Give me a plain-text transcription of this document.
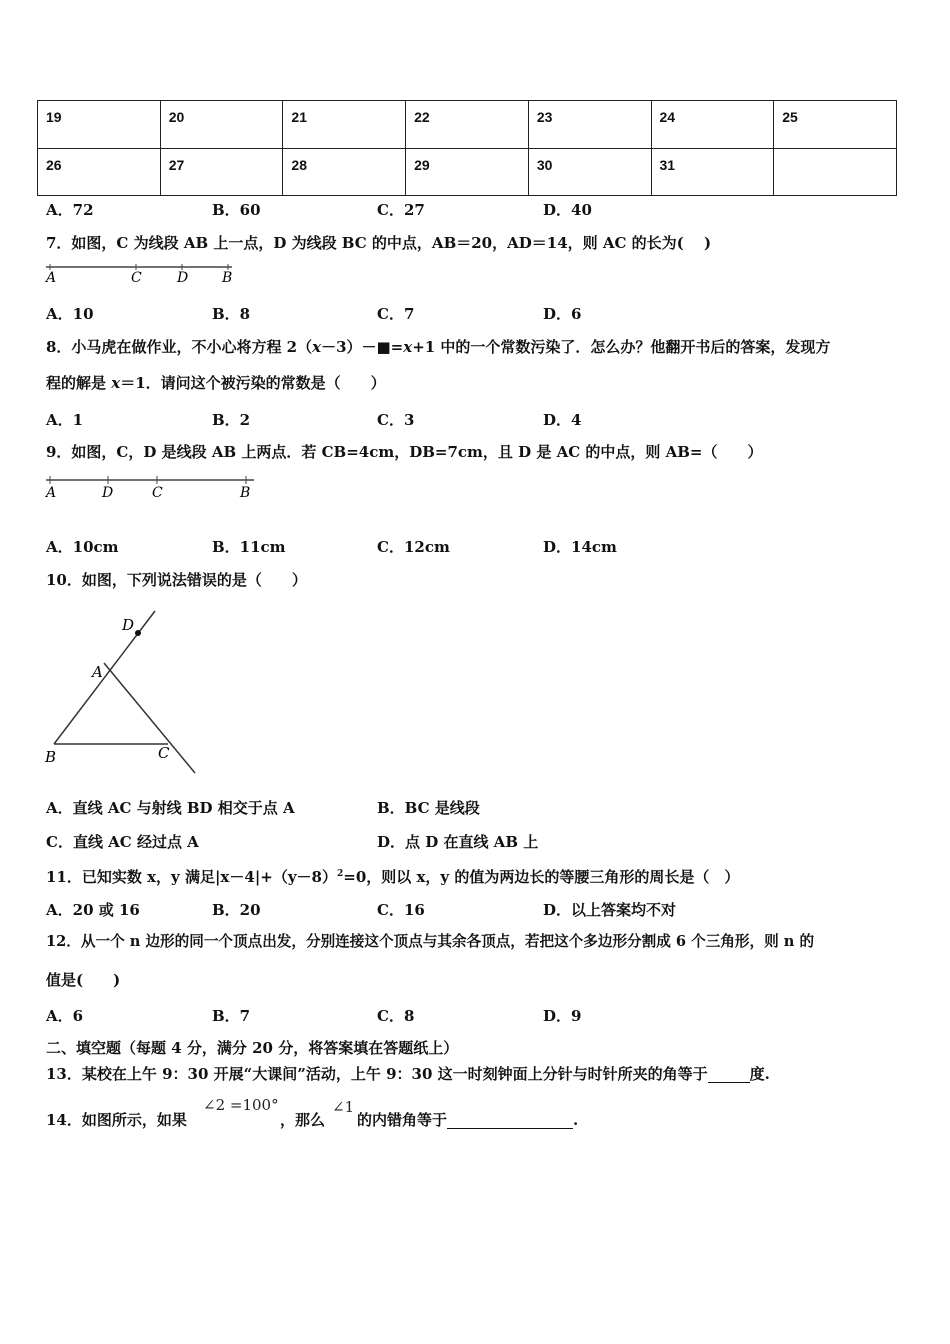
19	20	21	22	23	24	25
26	27	28	29	30	31	
A．72	B．60	C．27	D．40
7．如图，C 为线段 AB 上一点，D 为线段 BC 的中点，AB＝20，AD＝14，则 AC 的长为(　 )
A	C	D B
A．10	B．8	C．7	D．6
8．小马虎在做作业，不小心将方程 2（x－3）－■=x+1 中的一个常数污染了．怎么办？他翻开书后的答案，发现方
程的解是 x＝1．请问这个被污染的常数是（　　）
A．1	B．2	C．3	D．4
9．如图，C，D 是线段 AB 上两点．若 CB=4cm，DB=7cm，且 D 是 AC 的中点，则 AB=（　　）
A	D	C	B
A．10cm	B．11cm	C．12cm	D．14cm
10．如图，下列说法错误的是（　　）
D
A
B	C
A．直线 AC 与射线 BD 相交于点 A	B．BC 是线段
C．直线 AC 经过点 A	D．点 D 在直线 AB 上
11．已知实数 x，y 满足$|x-4|+(y-8)^2=0$，则以 x，y 的值为两边长的等腰三角形的周长是（　）
A．20 或 16	B．20	C．16	D．以上答案均不对
12．从一个 n 边形的同一个顶点出发，分别连接这个顶点与其余各顶点，若把这个多边形分割成 6 个三角形，则 n 的
值是(　　)
A．6	B．7	C．8	D．9
二、填空题（每题 4 分，满分 20 分，将答案填在答题纸上）
13．某校在上午 9：30 开展“大课间”活动，上午 9：30 这一时刻钟面上分针与时针所夹的角等于	度.
14．如图所示，如果
∠2 =100°
，那么
∠1
的内错角等于	.
